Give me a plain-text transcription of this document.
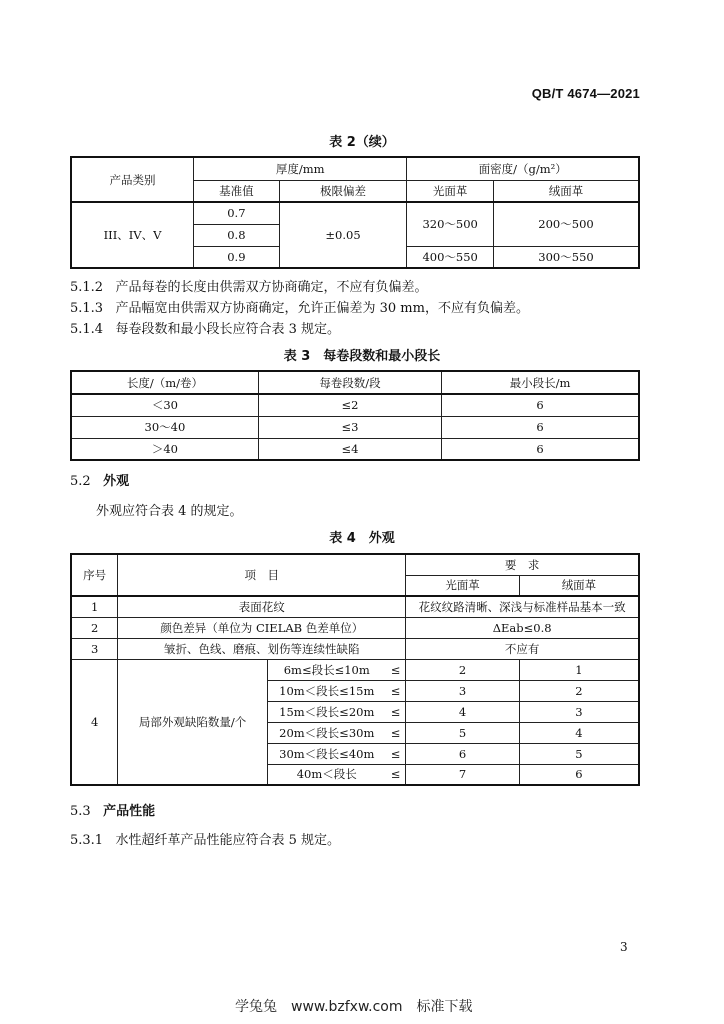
QB/T 4674—2021
表 2（续）
产品类别	厚度/mm		面密度/（g/m²）	
	基准值	极限偏差	光面革	绒面革
III、IV、V	0.7	±0.05	320～500	200～500
	0.8			
	0.9		400～550	300～550
5.1.2 产品每卷的长度由供需双方协商确定，不应有负偏差。
5.1.3 产品幅宽由供需双方协商确定，允许正偏差为 30 mm，不应有负偏差。
5.1.4 每卷段数和最小段长应符合表 3 规定。
表 3　每卷段数和最小段长
长度/（m/卷）	每卷段数/段	最小段长/m
＜30	≤2	6
30～40	≤3	6
＞40	≤4	6
5.2 外观
外观应符合表 4 的规定。
表 4　外观
序号	项　目			要　求	
				光面革	绒面革
1	表面花纹			花纹纹路清晰、深浅与标准样品基本一致	
2	颜色差异（单位为 CIELAB 色差单位）			ΔEab≤0.8	
3	皱折、色线、磨痕、划伤等连续性缺陷			不应有	
4	局部外观缺陷数量/个	6m≤段长≤10m	≤	2	1
		10m＜段长≤15m	≤	3	2
		15m＜段长≤20m	≤	4	3
		20m＜段长≤30m	≤	5	4
		30m＜段长≤40m	≤	6	5
		40m＜段长	≤	7	6
5.3 产品性能
5.3.1 水性超纤革产品性能应符合表 5 规定。
3
学兔兔 www.bzfxw.com 标准下载
